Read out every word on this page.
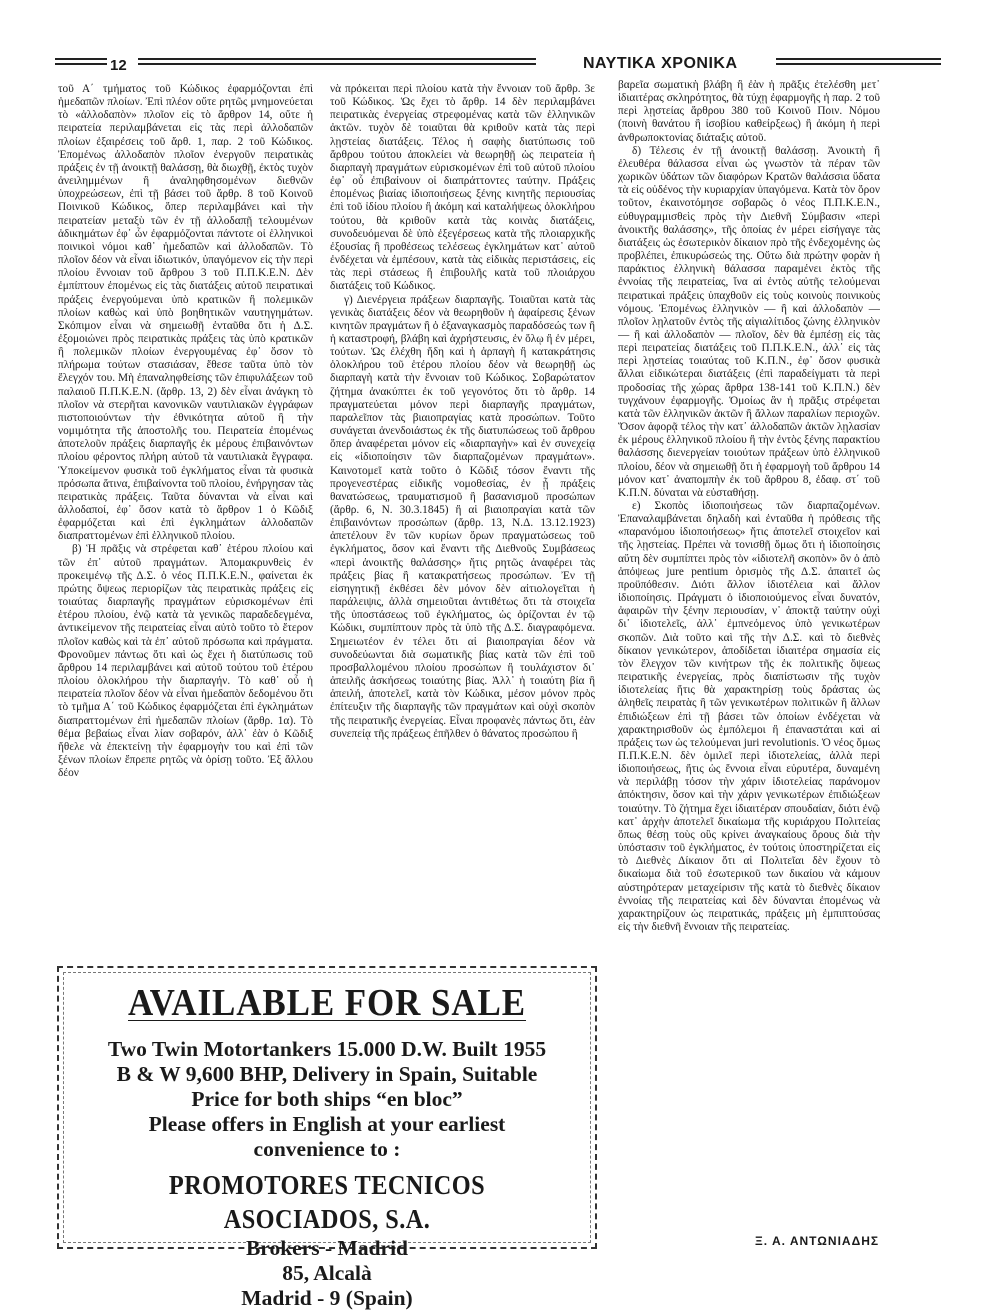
12	ΝΑΥΤΙΚΑ ΧΡΟΝΙΚΑ

τοῦ Α΄ τμήματος τοῦ Κώδικος ἐφαρμόζονται ἐπὶ ἡμεδαπῶν πλοίων. Ἐπὶ πλέον οὔτε ρητῶς μνημονεύεται τὸ «ἀλλοδαπὸν» πλοῖον εἰς τὸ ἄρθρον 14, οὔτε ἡ πειρατεία περιλαμβάνεται εἰς τὰς περὶ ἀλλοδαπῶν πλοίων ἐξαιρέσεις τοῦ ἄρθ. 1, παρ. 2 τοῦ Κώδικος. Ἐπομένως ἀλλοδαπὸν πλοῖον ἐνεργοῦν πειρατικὰς πράξεις ἐν τῇ ἀνοικτῇ θαλάσσῃ, θὰ διωχθῇ, ἐκτὸς τυχὸν ἀνειλημμένων ἢ ἀναληφθησομένων διεθνῶν ὑποχρεώσεων, ἐπὶ τῇ βάσει τοῦ ἄρθρ. 8 τοῦ Κοινοῦ Ποινικοῦ Κώδικος, ὅπερ περιλαμβάνει καὶ τὴν πειρατείαν μεταξὺ τῶν ἐν τῇ ἀλλοδαπῇ τελουμένων ἀδικημάτων ἐφ᾿ ὧν ἐφαρμόζονται πάντοτε οἱ ἑλληνικοὶ ποινικοὶ νόμοι καθ᾿ ἡμεδαπῶν καὶ ἀλλοδαπῶν. Τὸ πλοῖον δέον νὰ εἶναι ἰδιωτικόν, ὑπαγόμενον εἰς τὴν περὶ πλοίου ἔννοιαν τοῦ ἄρθρου 3 τοῦ Π.Π.Κ.Ε.Ν. Δὲν ἐμπίπτουν ἐπομένως εἰς τὰς διατάξεις αὐτοῦ πειρατικαὶ πράξεις ἐνεργούμεναι ὑπὸ κρατικῶν ἢ πολεμικῶν πλοίων καθὼς καὶ ὑπὸ βοηθητικῶν ναυτηγημάτων. Σκόπιμον εἶναι νὰ σημειωθῇ ἐνταῦθα ὅτι ἡ Δ.Σ. ἐξομοιώνει πρὸς πειρατικὰς πράξεις τὰς ὑπὸ κρατικῶν ἢ πολεμικῶν πλοίων ἐνεργουμένας ἐφ᾿ ὅσον τὸ πλήρωμα τούτων στασιάσαν, ἔθεσε ταῦτα ὑπὸ τὸν ἔλεγχόν του. Μὴ ἐπαναληφθείσης τῶν ἐπιφυλάξεων τοῦ παλαιοῦ Π.Π.Κ.Ε.Ν. (ἄρθρ. 13, 2) δὲν εἶναι ἀνάγκη τὸ πλοῖον νὰ στερῆται κανονικῶν ναυτιλιακῶν ἐγγράφων πιστοποιούντων τὴν ἐθνικότητα αὐτοῦ ἢ τὴν νομιμότητα τῆς ἀποστολῆς του. Πειρατεία ἐπομένως ἀποτελοῦν πράξεις διαρπαγῆς ἐκ μέρους ἐπιβαινόντων πλοίου φέροντος πλήρη αὐτοῦ τὰ ναυτιλιακὰ ἔγγραφα. Ὑποκείμενον φυσικὰ τοῦ ἐγκλήματος εἶναι τὰ φυσικὰ πρόσωπα ἅτινα, ἐπιβαίνοντα τοῦ πλοίου, ἐνήργησαν τὰς πειρατικὰς πράξεις. Ταῦτα δύνανται νὰ εἶναι καὶ ἀλλοδαποί, ἐφ᾿ ὅσον κατὰ τὸ ἄρθρον 1 ὁ Κῶδιξ ἐφαρμόζεται καὶ ἐπὶ ἐγκλημάτων ἀλλοδαπῶν διαπραττομένων ἐπὶ ἑλληνικοῦ πλοίου.

β) Ἡ πρᾶξις νὰ στρέφεται καθ᾿ ἑτέρου πλοίου καὶ τῶν ἐπ᾿ αὐτοῦ πραγμάτων. Ἀπομακρυνθεὶς ἐν προκειμένῳ τῆς Δ.Σ. ὁ νέος Π.Π.Κ.Ε.Ν., φαίνεται ἐκ πρώτης ὄψεως περιορίζων τὰς πειρατικὰς πράξεις εἰς τοιαύτας διαρπαγῆς πραγμάτων εὑρισκομένων ἐπὶ ἑτέρου πλοίου, ἐνῷ κατὰ τὰ γενικῶς παραδεδεγμένα, ἀντικείμενον τῆς πειρατείας εἶναι αὐτὸ τοῦτο τὸ ἕτερον πλοῖον καθὼς καὶ τὰ ἐπ᾿ αὐτοῦ πρόσωπα καὶ πράγματα. Φρονοῦμεν πάντως ὅτι καὶ ὡς ἔχει ἡ διατύπωσις τοῦ ἄρθρου 14 περιλαμβάνει καὶ αὐτοῦ τούτου τοῦ ἑτέρου πλοίου ὁλοκλήρου τὴν διαρπαγήν. Τὸ καθ᾿ οὗ ἡ πειρατεία πλοῖον δέον νὰ εἶναι ἡμεδαπὸν δεδομένου ὅτι τὸ τμῆμα Α΄ τοῦ Κώδικος ἐφαρμόζεται ἐπὶ ἐγκλημάτων διαπραττομένων ἐπὶ ἡμεδαπῶν πλοίων (ἄρθρ. 1α). Τὸ θέμα βεβαίως εἶναι λίαν σοβαρόν, ἀλλ᾿ ἐὰν ὁ Κῶδιξ ἤθελε νὰ ἐπεκτείνῃ τὴν ἐφαρμογὴν του καὶ ἐπὶ τῶν ξένων πλοίων ἔπρεπε ρητῶς νὰ ὁρίσῃ τοῦτο. Ἐξ ἄλλου δέον

νὰ πρόκειται περὶ πλοίου κατὰ τὴν ἔννοιαν τοῦ ἄρθρ. 3ε τοῦ Κώδικος. Ὡς ἔχει τὸ ἄρθρ. 14 δὲν περιλαμβάνει πειρατικὰς ἐνεργείας στρεφομένας κατὰ τῶν ἑλληνικῶν ἀκτῶν. τυχὸν δὲ τοιαῦται θὰ κριθοῦν κατὰ τὰς περὶ λῃστείας διατάξεις. Τέλος ἡ σαφὴς διατύπωσις τοῦ ἄρθρου τούτου ἀποκλείει νὰ θεωρηθῇ ὡς πειρατεία ἡ διαρπαγὴ πραγμάτων εὑρισκομένων ἐπὶ τοῦ αὐτοῦ πλοίου ἐφ᾿ οὗ ἐπιβαίνουν οἱ διαπράττοντες ταύτην. Πράξεις ἐπομένως βιαίας ἰδιοποιήσεως ξένης κινητῆς περιουσίας ἐπὶ τοῦ ἰδίου πλοίου ἢ ἀκόμη καὶ καταλήψεως ὁλοκλήρου τούτου, θὰ κριθοῦν κατὰ τὰς κοινὰς διατάξεις, συνοδευόμεναι δὲ ὑπὸ ἐξεγέρσεως κατὰ τῆς πλοιαρχικῆς ἐξουσίας ἢ προθέσεως τελέσεως ἐγκλημάτων κατ᾿ αὐτοῦ ἐνδέχεται νὰ ἐμπέσουν, κατὰ τὰς εἰδικὰς περιστάσεις, εἰς τὰς περὶ στάσεως ἢ ἐπιβουλῆς κατὰ τοῦ πλοιάρχου διατάξεις τοῦ Κώδικος.

γ) Διενέργεια πράξεων διαρπαγῆς. Τοιαῦται κατὰ τὰς γενικὰς διατάξεις δέον νὰ θεωρηθοῦν ἡ ἀφαίρεσις ξένων κινητῶν πραγμάτων ἢ ὁ ἐξαναγκασμὸς παραδόσεώς των ἢ ἡ καταστροφή, βλάβη καὶ ἀχρήστευσις, ἐν ὅλῳ ἢ ἐν μέρει, τούτων. Ὡς ἐλέχθη ἤδη καὶ ἡ ἁρπαγὴ ἢ κατακράτησις ὁλοκλήρου τοῦ ἑτέρου πλοίου δέον νὰ θεωρηθῇ ὡς διαρπαγὴ κατὰ τὴν ἔννοιαν τοῦ Κώδικος. Σοβαρώτατον ζήτημα ἀνακύπτει ἐκ τοῦ γεγονότος ὅτι τὸ ἄρθρ. 14 πραγματεύεται μόνον περὶ διαρπαγῆς πραγμάτων, παραλεῖπον τὰς βιαιοπραγίας κατὰ προσώπων. Τοῦτο συνάγεται ἀνενδοιάστως ἐκ τῆς διατυπώσεως τοῦ ἄρθρου ὅπερ ἀναφέρεται μόνον εἰς «διαρπαγὴν» καὶ ἐν συνεχείᾳ εἰς «ἰδιοποίησιν τῶν διαρπαζομένων πραγμάτων». Καινοτομεῖ κατὰ τοῦτο ὁ Κῶδιξ τόσον ἔναντι τῆς προγενεστέρας εἰδικῆς νομοθεσίας, ἐν ᾗ πράξεις θανατώσεως, τραυματισμοῦ ἢ βασανισμοῦ προσώπων (ἄρθρ. 6, Ν. 30.3.1845) ἢ αἱ βιαιοπραγίαι κατὰ τῶν ἐπιβαινόντων προσώπων (ἄρθρ. 13, Ν.Δ. 13.12.1923) ἀπετέλουν ἓν τῶν κυρίων ὅρων πραγματώσεως τοῦ ἐγκλήματος, ὅσον καὶ ἔναντι τῆς Διεθνοῦς Συμβάσεως «περὶ ἀνοικτῆς θαλάσσης» ἥτις ρητῶς ἀναφέρει τὰς πράξεις βίας ἢ κατακρατήσεως προσώπων. Ἐν τῇ εἰσηγητικῇ ἐκθέσει δὲν μόνον δὲν αἰτιολογεῖται ἡ παράλειψις, ἀλλὰ σημειοῦται ἀντιθέτως ὅτι τὰ στοιχεῖα τῆς ὑποστάσεως τοῦ ἐγκλήματος, ὡς ὁρίζονται ἐν τῷ Κώδικι, συμπίπτουν πρὸς τὰ ὑπὸ τῆς Δ.Σ. διαγραφόμενα. Σημειωτέον ἐν τέλει ὅτι αἱ βιαιοπραγίαι δέον νὰ συνοδεύωνται διὰ σωματικῆς βίας κατὰ τῶν ἐπὶ τοῦ προσβαλλομένου πλοίου προσώπων ἢ τουλάχιστον δι᾿ ἀπειλῆς ἀσκήσεως τοιαύτης βίας. Ἀλλ᾿ ἡ τοιαύτη βία ἢ ἀπειλή, ἀποτελεῖ, κατὰ τὸν Κώδικα, μέσον μόνον πρὸς ἐπίτευξιν τῆς διαρπαγῆς τῶν πραγμάτων καὶ οὐχὶ σκοπὸν τῆς πειρατικῆς ἐνεργείας. Εἶναι προφανὲς πάντως ὅτι, ἐὰν συνεπείᾳ τῆς πράξεως ἐπῆλθεν ὁ θάνατος προσώπου ἢ

βαρεῖα σωματικὴ βλάβη ἢ ἐὰν ἡ πρᾶξις ἐτελέσθη μετ᾿ ἰδιαιτέρας σκληρότητος, θὰ τύχῃ ἐφαρμογῆς ἡ παρ. 2 τοῦ περὶ λῃστείας ἄρθρου 380 τοῦ Κοινοῦ Ποιν. Νόμου (ποινὴ θανάτου ἢ ἰσοβίου καθείρξεως) ἢ ἀκόμη ἡ περὶ ἀνθρωποκτονίας διάταξις αὐτοῦ.

δ) Τέλεσις ἐν τῇ ἀνοικτῇ θαλάσσῃ. Ἀνοικτὴ ἢ ἐλευθέρα θάλασσα εἶναι ὡς γνωστὸν τὰ πέραν τῶν χωρικῶν ὑδάτων τῶν διαφόρων Κρατῶν θαλάσσια ὕδατα τὰ εἰς οὐδένος τὴν κυριαρχίαν ὑπαγόμενα. Κατὰ τὸν ὅρον τοῦτον, ἐκαινοτόμησε σοβαρῶς ὁ νέος Π.Π.Κ.Ε.Ν., εὐθυγραμμισθεὶς πρὸς τὴν Διεθνῆ Σύμβασιν «περὶ ἀνοικτῆς θαλάσσης», τῆς ὁποίας ἐν μέρει εἰσήγαγε τὰς διατάξεις ὡς ἐσωτερικὸν δίκαιον πρὸ τῆς ἐνδεχομένης ὡς προβλέπει, ἐπικυρώσεώς της. Οὕτω διὰ πρώτην φορὰν ἡ παράκτιος ἑλληνικὴ θάλασσα παραμένει ἐκτὸς τῆς ἐννοίας τῆς πειρατείας, ἵνα αἱ ἐντὸς αὐτῆς τελούμεναι πειρατικαὶ πράξεις ὑπαχθοῦν εἰς τοὺς κοινοὺς ποινικοὺς νόμους. Ἐπομένως ἑλληνικὸν — ἢ καὶ ἀλλοδαπὸν — πλοῖον λῃλατοῦν ἐντὸς τῆς αἰγιαλίτιδος ζώνης ἑλληνικὸν — ἢ καὶ ἀλλοδαπὸν — πλοῖον, δὲν θὰ ἐμπέσῃ εἰς τὰς περὶ πειρατείας διατάξεις τοῦ Π.Π.Κ.Ε.Ν., ἀλλ᾿ εἰς τὰς περὶ λῃστείας τοιαύτας τοῦ Κ.Π.Ν., ἐφ᾿ ὅσον φυσικὰ ἄλλαι εἰδικώτεραι διατάξεις (ἐπὶ παραδείγματι τὰ περὶ προδοσίας τῆς χώρας ἄρθρα 138-141 τοῦ Κ.Π.Ν.) δὲν τυγχάνουν ἐφαρμογῆς. Ὁμοίως ἂν ἡ πρᾶξις στρέφεται κατὰ τῶν ἑλληνικῶν ἀκτῶν ἢ ἄλλων παραλίων περιοχῶν. Ὅσον ἀφορᾷ τέλος τὴν κατ᾿ ἀλλοδαπῶν ἀκτῶν λῃλασίαν ἐκ μέρους ἑλληνικοῦ πλοίου ἢ τὴν ἐντὸς ξένης παρακτίου θαλάσσης διενεργείαν τοιούτων πράξεων ὑπὸ ἑλληνικοῦ πλοίου, δέον νὰ σημειωθῇ ὅτι ἡ ἐφαρμογὴ τοῦ ἄρθρου 14 μόνον κατ᾿ ἀναπομπὴν ἐκ τοῦ ἄρθρου 8, ἐδαφ. στ΄ τοῦ Κ.Π.Ν. δύναται νὰ εὐσταθήσῃ.

ε) Σκοπὸς ἰδιοποιήσεως τῶν διαρπαζομένων. Ἐπαναλαμβάνεται δηλαδὴ καὶ ἐνταῦθα ἡ πρόθεσις τῆς «παρανόμου ἰδιοποιήσεως» ἥτις ἀποτελεῖ στοιχεῖον καὶ τῆς λῃστείας. Πρέπει νὰ τονισθῇ ὅμως ὅτι ἡ ἰδιοποίησις αὕτη δὲν συμπίπτει πρὸς τὸν «ἰδιοτελῆ σκοπὸν» ὃν ὁ ἀπὸ ἀπόψεως jure pentium ὁρισμὸς τῆς Δ.Σ. ἀπαιτεῖ ὡς προϋπόθεσιν. Διότι ἄλλον ἰδιοτέλεια καὶ ἄλλον ἰδιοποίησις. Πράγματι ὁ ἰδιοποιούμενος εἶναι δυνατόν, ἀφαιρῶν τὴν ξένην περιουσίαν, ν᾿ ἀποκτᾷ ταύτην οὐχὶ δι᾿ ἰδιοτελεῖς, ἀλλ᾿ ἐμπνεόμενος ὑπὸ γενικωτέρων σκοπῶν. Διὰ τοῦτο καὶ τῆς τὴν Δ.Σ. καὶ τὸ διεθνὲς δίκαιον γενικώτερον, ἀποδίδεται ἰδιαιτέρα σημασία εἰς τὸν ἔλεγχον τῶν κινήτρων τῆς ἐκ πολιτικῆς ὄψεως πειρατικῆς ἐνεργείας, πρὸς διαπίστωσιν τῆς τυχὸν ἰδιοτελείας ἥτις θὰ χαρακτηρίσῃ τοὺς δράστας ὡς ἀληθεῖς πειρατὰς ἢ τῶν γενικωτέρων πολιτικῶν ἢ ἄλλων ἐπιδιώξεων ἐπὶ τῇ βάσει τῶν ὁποίων ἐνδέχεται νὰ χαρακτηρισθοῦν ὡς ἐμπόλεμοι ἢ ἐπαναστάται καὶ αἱ πράξεις των ὡς τελούμεναι juri revolutionis. Ὁ νέος ὅμως Π.Π.Κ.Ε.Ν. δὲν ὁμιλεῖ περὶ ἰδιοτελείας, ἀλλὰ περὶ ἰδιοποιήσεως, ἥτις ὡς ἔννοια εἶναι εὐρυτέρα, δυναμένη νὰ περιλάβῃ τόσον τὴν χάριν ἰδιοτελείας παράνομον ἀπόκτησιν, ὅσον καὶ τὴν χάριν γενικωτέρων ἐπιδιώξεων τοιαύτην. Τὸ ζήτημα ἔχει ἰδιαιτέραν σπουδαίαν, διότι ἐνῷ κατ᾿ ἀρχὴν ἀποτελεῖ δικαίωμα τῆς κυριάρχου Πολιτείας ὅπως θέσῃ τοὺς οὓς κρίνει ἀναγκαίους ὅρους διὰ τὴν ὑπόστασιν τοῦ ἐγκλήματος, ἐν τούτοις ὑποστηρίζεται εἰς τὸ Διεθνὲς Δίκαιον ὅτι αἱ Πολιτεῖαι δὲν ἔχουν τὸ δικαίωμα διὰ τοῦ ἐσωτερικοῦ των δικαίου νὰ κάμουν αὐστηρότεραν μεταχείρισιν τῆς κατὰ τὸ διεθνὲς δίκαιον ἐννοίας τῆς πειρατείας καὶ δὲν δύνανται ἐπομένως νὰ χαρακτηρίζουν ὡς πειρατικάς, πράξεις μὴ ἐμπιπτούσας εἰς τὴν διεθνῆ ἔννοιαν τῆς πειρατείας.

AVAILABLE FOR SALE

Two Twin Motortankers 15.000 D.W. Built 1955

B & W 9,600 BHP, Delivery in Spain, Suitable

Price for both ships “en bloc”

Please offers in English at your earliest

convenience to :

PROMOTORES TECNICOS ASOCIADOS, S.A.

Brokers - Madrid

85, Alcalà

Madrid - 9 (Spain)

Ξ. Α. ΑΝΤΩΝΙΑΔΗΣ
